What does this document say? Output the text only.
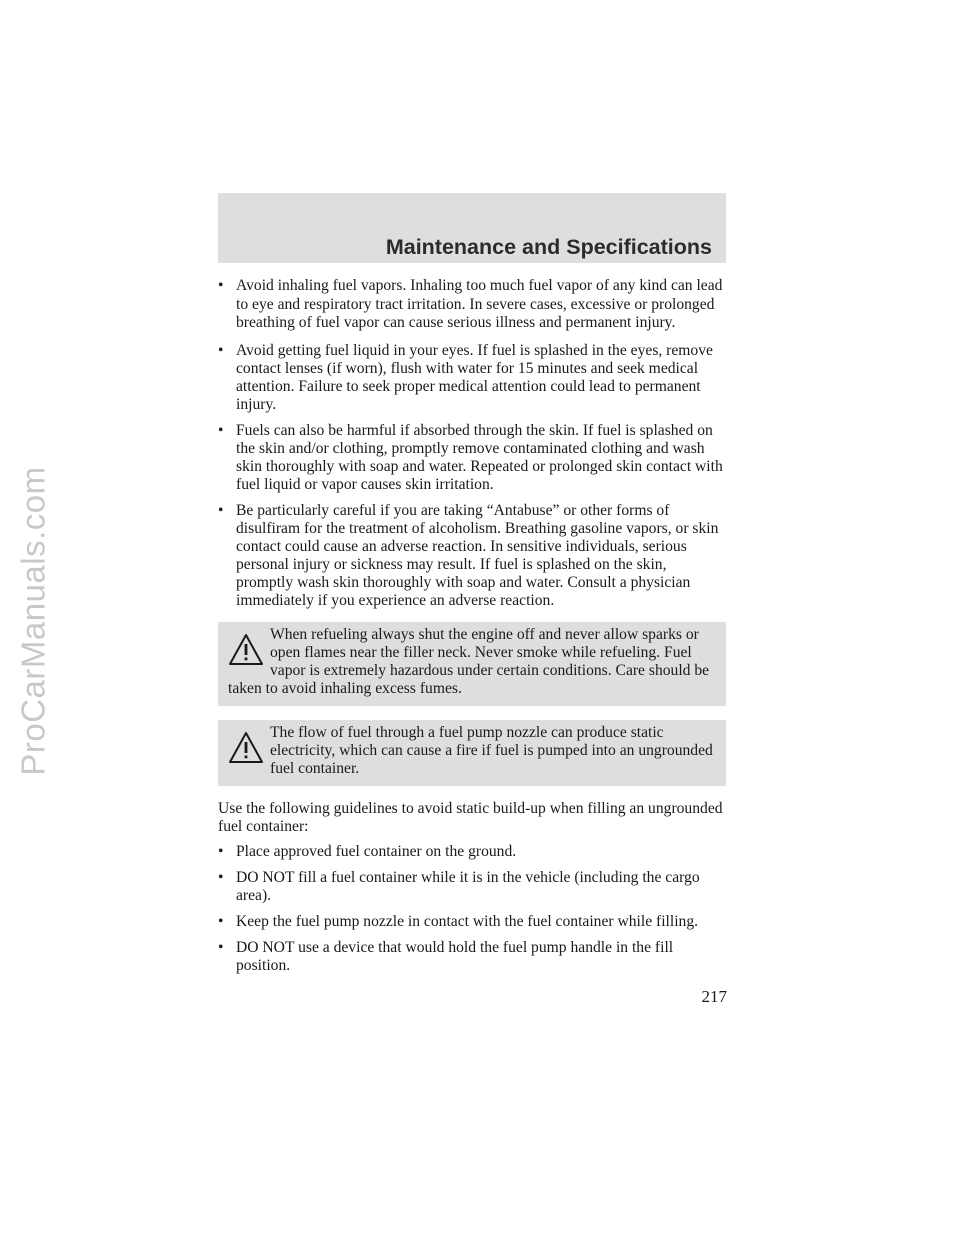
ProCarManuals.com
Maintenance and Specifications
• Avoid inhaling fuel vapors. Inhaling too much fuel vapor of any kind can lead to eye and respiratory tract irritation. In severe cases, excessive or prolonged breathing of fuel vapor can cause serious illness and permanent injury.
• Avoid getting fuel liquid in your eyes. If fuel is splashed in the eyes, remove contact lenses (if worn), flush with water for 15 minutes and seek medical attention. Failure to seek proper medical attention could lead to permanent injury.
• Fuels can also be harmful if absorbed through the skin. If fuel is splashed on the skin and/or clothing, promptly remove contaminated clothing and wash skin thoroughly with soap and water. Repeated or prolonged skin contact with fuel liquid or vapor causes skin irritation.
• Be particularly careful if you are taking “Antabuse” or other forms of disulfiram for the treatment of alcoholism. Breathing gasoline vapors, or skin contact could cause an adverse reaction. In sensitive individuals, serious personal injury or sickness may result. If fuel is splashed on the skin, promptly wash skin thoroughly with soap and water. Consult a physician immediately if you experience an adverse reaction.
When refueling always shut the engine off and never allow sparks or open flames near the filler neck. Never smoke while refueling. Fuel vapor is extremely hazardous under certain conditions. Care should be taken to avoid inhaling excess fumes.
The flow of fuel through a fuel pump nozzle can produce static electricity, which can cause a fire if fuel is pumped into an ungrounded fuel container.

Use the following guidelines to avoid static build-up when filling an ungrounded fuel container:

• Place approved fuel container on the ground.
• DO NOT fill a fuel container while it is in the vehicle (including the cargo area).
• Keep the fuel pump nozzle in contact with the fuel container while filling.
• DO NOT use a device that would hold the fuel pump handle in the fill position.
217
